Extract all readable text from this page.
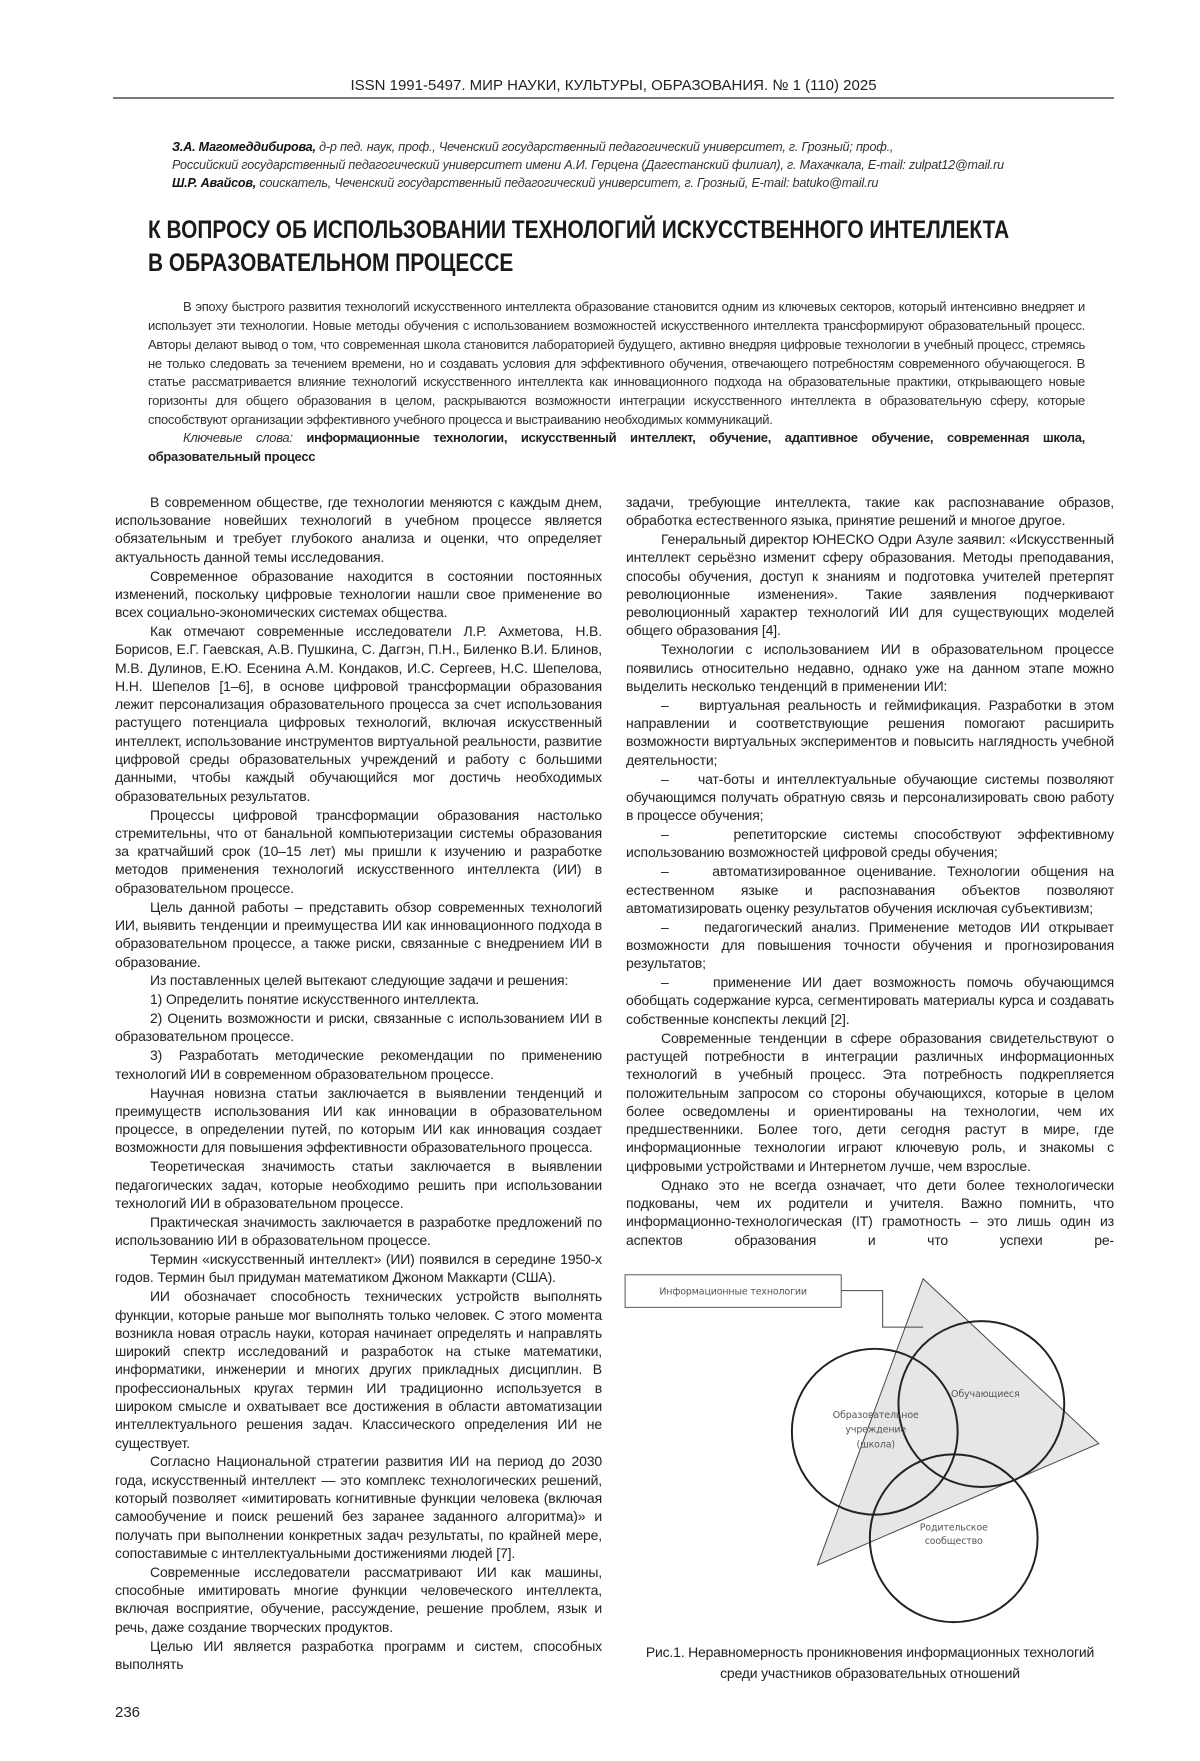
ISSN 1991-5497. МИР НАУКИ, КУЛЬТУРЫ, ОБРАЗОВАНИЯ. № 1 (110) 2025
З.А. Магомеддибирова, д-р пед. наук, проф., Чеченский государственный педагогический университет, г. Грозный; проф.,
Российский государственный педагогический университет имени А.И. Герцена (Дагестанский филиал), г. Махачкала, E-mail: zulpat12@mail.ru
Ш.Р. Авайсов, соискатель, Чеченский государственный педагогический университет, г. Грозный, E-mail: batuko@mail.ru
К ВОПРОСУ ОБ ИСПОЛЬЗОВАНИИ ТЕХНОЛОГИЙ ИСКУССТВЕННОГО ИНТЕЛЛЕКТА
В ОБРАЗОВАТЕЛЬНОМ ПРОЦЕССЕ

В эпоху быстрого развития технологий искусственного интеллекта образование становится одним из ключевых секторов, который интенсивно внедряет и использует эти технологии. Новые методы обучения с использованием возможностей искусственного интеллекта трансформируют образовательный процесс. Авторы делают вывод о том, что современная школа становится лабораторией будущего, активно внедряя цифровые технологии в учебный процесс, стремясь не только следовать за течением времени, но и создавать условия для эффективного обучения, отвечающего потребностям современного обучающегося. В статье рассматривается влияние технологий искусственного интеллекта как инновационного подхода на образовательные практики, открывающего новые горизонты для общего образования в целом, раскрываются возможности интеграции искусственного интеллекта в образовательную сферу, которые способствуют организации эффективного учебного процесса и выстраиванию необходимых коммуникаций.

Ключевые слова: информационные технологии, искусственный интеллект, обучение, адаптивное обучение, современная школа, образовательный процесс

В современном обществе, где технологии меняются с каждым днем, использование новейших технологий в учебном процессе является обязательным и требует глубокого анализа и оценки, что определяет актуальность данной темы исследования.

Современное образование находится в состоянии постоянных изменений, поскольку цифровые технологии нашли свое применение во всех социально-экономических системах общества.

Как отмечают современные исследователи Л.Р. Ахметова, Н.В. Борисов, Е.Г. Гаевская, А.В. Пушкина, С. Даггэн, П.Н., Биленко В.И. Блинов, М.В. Дулинов, Е.Ю. Есенина А.М. Кондаков, И.С. Сергеев, Н.С. Шепелова, Н.Н. Шепелов [1–6], в основе цифровой трансформации образования лежит персонализация образовательного процесса за счет использования растущего потенциала цифровых технологий, включая искусственный интеллект, использование инструментов виртуальной реальности, развитие цифровой среды образовательных учреждений и работу с большими данными, чтобы каждый обучающийся мог достичь необходимых образовательных результатов.

Процессы цифровой трансформации образования настолько стремительны, что от банальной компьютеризации системы образования за кратчайший срок (10–15 лет) мы пришли к изучению и разработке методов применения технологий искусственного интеллекта (ИИ) в образовательном процессе.

Цель данной работы – представить обзор современных технологий ИИ, выявить тенденции и преимущества ИИ как инновационного подхода в образовательном процессе, а также риски, связанные с внедрением ИИ в образование.

Из поставленных целей вытекают следующие задачи и решения:

1) Определить понятие искусственного интеллекта.

2) Оценить возможности и риски, связанные с использованием ИИ в образовательном процессе.

3) Разработать методические рекомендации по применению технологий ИИ в современном образовательном процессе.

Научная новизна статьи заключается в выявлении тенденций и преимуществ использования ИИ как инновации в образовательном процессе, в определении путей, по которым ИИ как инновация создает возможности для повышения эффективности образовательного процесса.

Теоретическая значимость статьи заключается в выявлении педагогических задач, которые необходимо решить при использовании технологий ИИ в образовательном процессе.

Практическая значимость заключается в разработке предложений по использованию ИИ в образовательном процессе.

Термин «искусственный интеллект» (ИИ) появился в середине 1950-х годов. Термин был придуман математиком Джоном Маккарти (США).

ИИ обозначает способность технических устройств выполнять функции, которые раньше мог выполнять только человек. С этого момента возникла новая отрасль науки, которая начинает определять и направлять широкий спектр исследований и разработок на стыке математики, информатики, инженерии и многих других прикладных дисциплин. В профессиональных кругах термин ИИ традиционно используется в широком смысле и охватывает все достижения в области автоматизации интеллектуального решения задач. Классического определения ИИ не существует.

Согласно Национальной стратегии развития ИИ на период до 2030 года, искусственный интеллект — это комплекс технологических решений, который позволяет «имитировать когнитивные функции человека (включая самообучение и поиск решений без заранее заданного алгоритма)» и получать при выполнении конкретных задач результаты, по крайней мере, сопоставимые с интеллектуальными достижениями людей [7].

Современные исследователи рассматривают ИИ как машины, способные имитировать многие функции человеческого интеллекта, включая восприятие, обучение, рассуждение, решение проблем, язык и речь, даже создание творческих продуктов.

Целью ИИ является разработка программ и систем, способных выполнять

задачи, требующие интеллекта, такие как распознавание образов, обработка естественного языка, принятие решений и многое другое.

Генеральный директор ЮНЕСКО Одри Азуле заявил: «Искусственный интеллект серьёзно изменит сферу образования. Методы преподавания, способы обучения, доступ к знаниям и подготовка учителей претерпят революционные изменения». Такие заявления подчеркивают революционный характер технологий ИИ для существующих моделей общего образования [4].

Технологии с использованием ИИ в образовательном процессе появились относительно недавно, однако уже на данном этапе можно выделить несколько тенденций в применении ИИ:

–    виртуальная реальность и геймификация. Разработки в этом направлении и соответствующие решения помогают расширить возможности виртуальных экспериментов и повысить наглядность учебной деятельности;

–    чат-боты и интеллектуальные обучающие системы позволяют обучающимся получать обратную связь и персонализировать свою работу в процессе обучения;

–    репетиторские системы способствуют эффективному использованию возможностей цифровой среды обучения;

–    автоматизированное оценивание. Технологии общения на естественном языке и распознавания объектов позволяют автоматизировать оценку результатов обучения исключая субъективизм;

–    педагогический анализ. Применение методов ИИ открывает возможности для повышения точности обучения и прогнозирования результатов;

–    применение ИИ дает возможность помочь обучающимся обобщать содержание курса, сегментировать материалы курса и создавать собственные конспекты лекций [2].

Современные тенденции в сфере образования свидетельствуют о растущей потребности в интеграции различных информационных технологий в учебный процесс. Эта потребность подкрепляется положительным запросом со стороны обучающихся, которые в целом более осведомлены и ориентированы на технологии, чем их предшественники. Более того, дети сегодня растут в мире, где информационные технологии играют ключевую роль, и знакомы с цифровыми устройствами и Интернетом лучше, чем взрослые.

Однако это не всегда означает, что дети более технологически подкованы, чем их родители и учителя. Важно помнить, что информационно-технологическая (IT) грамотность – это лишь один из аспектов образования и что успехи ре-

Информационные технологии
Обучающиеся
Образовательное
учреждение
(школа)
Родительское
сообщество
Рис.1. Неравномерность проникновения информационных технологий
среди участников образовательных отношений
236
